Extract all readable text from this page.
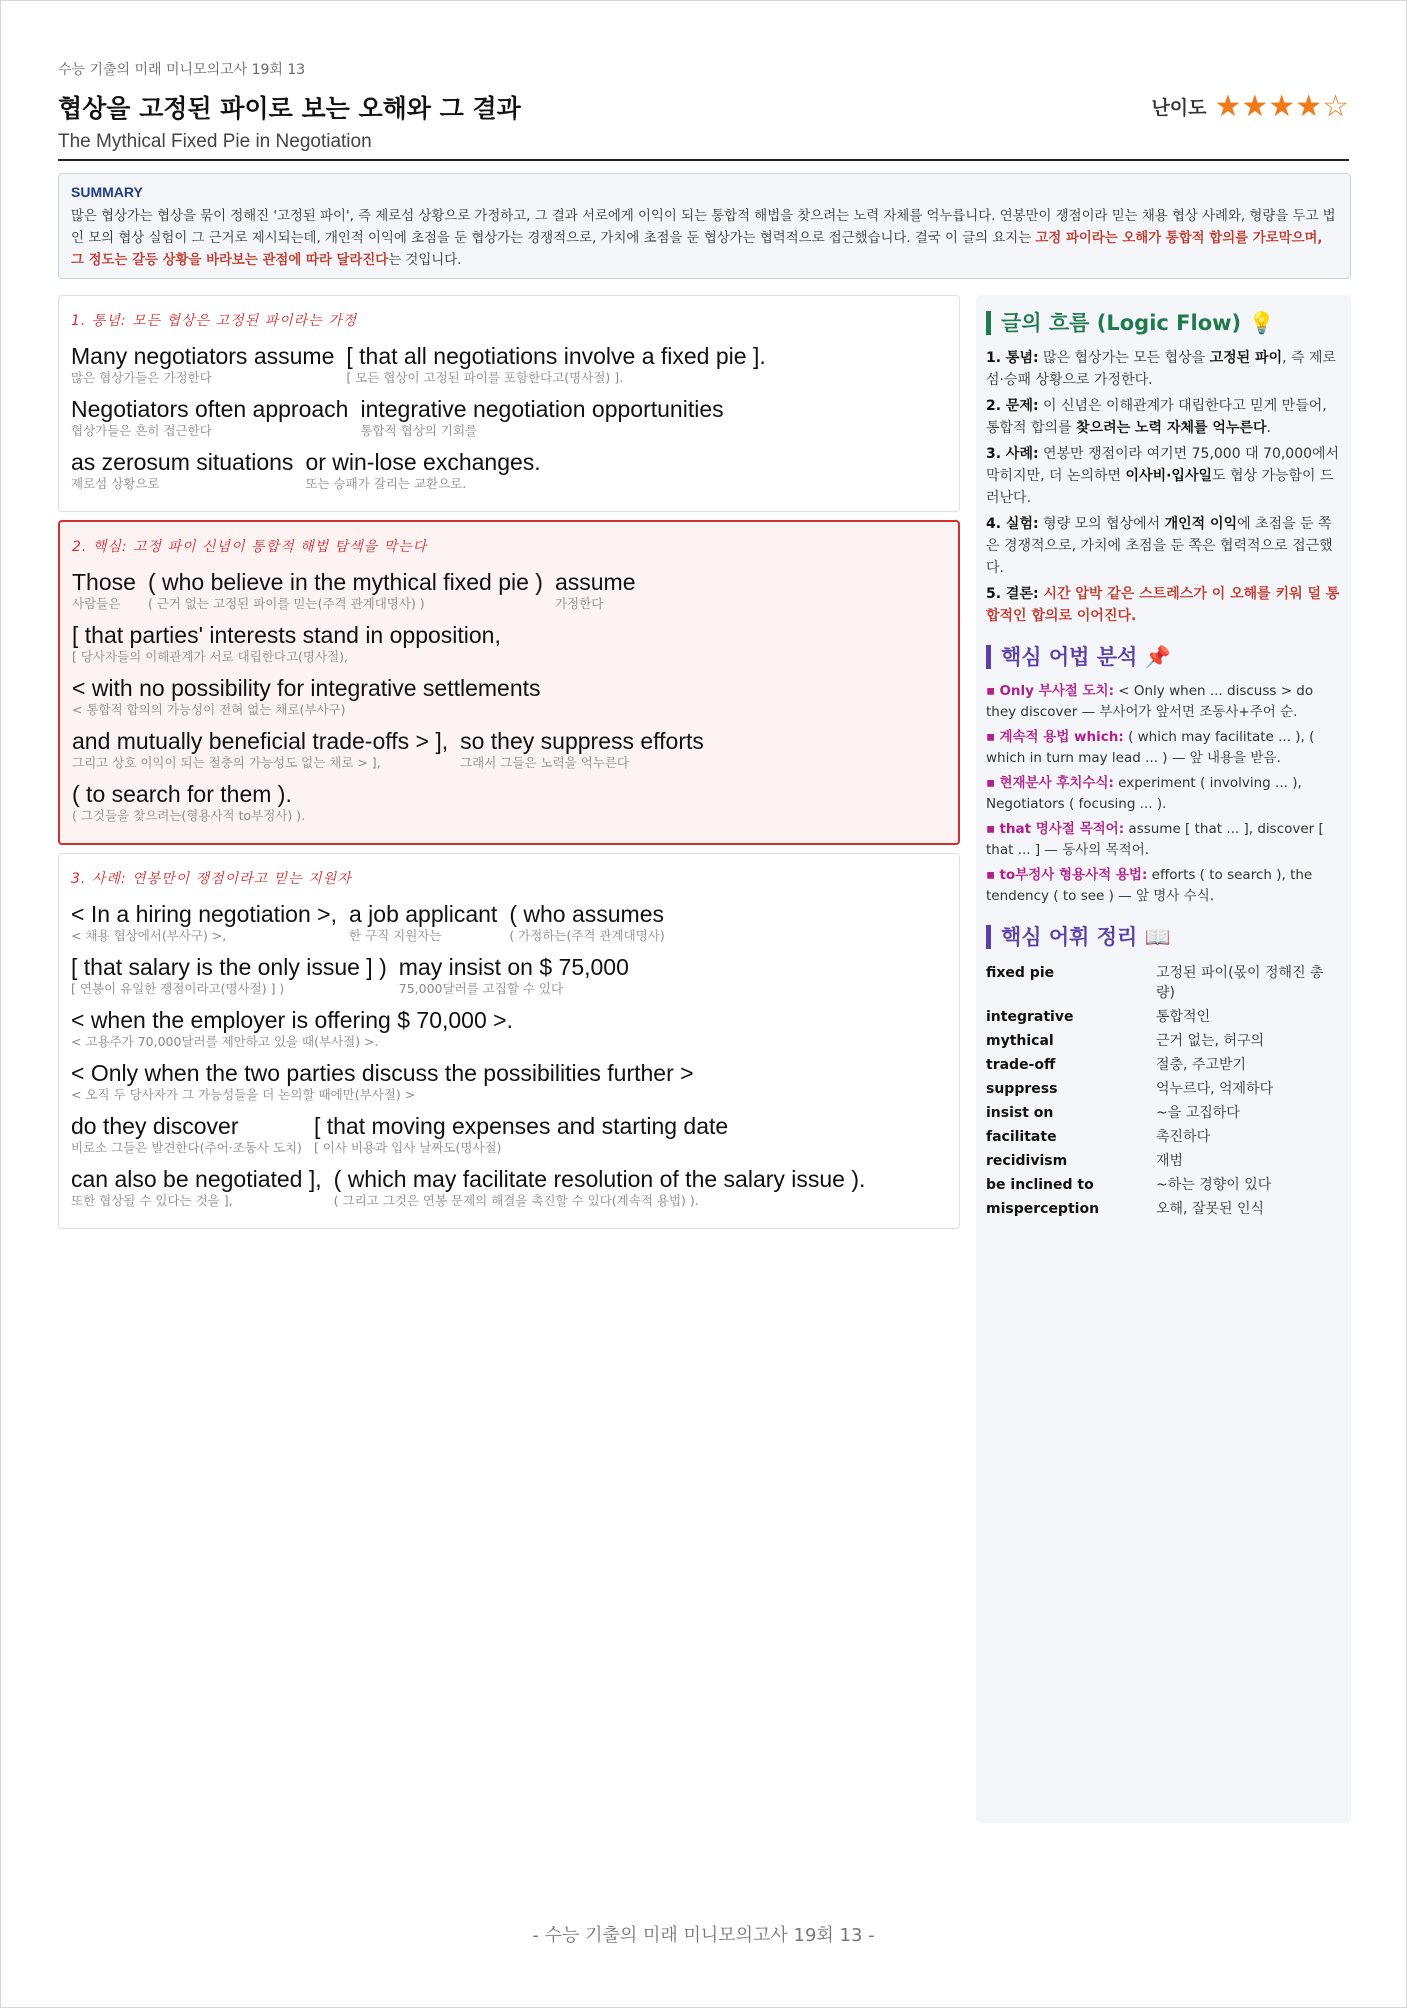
수능 기출의 미래 미니모의고사 19회 13
협상을 고정된 파이로 보는 오해와 그 결과
The Mythical Fixed Pie in Negotiation
난이도 ★★★★☆
SUMMARY
많은 협상가는 협상을 묶이 정해진 '고정된 파이', 즉 제로섬 상황으로 가정하고, 그 결과 서로에게 이익이 되는 통합적 해법을 찾으려는 노력 자체를 억누릅니다. 연봉만이 쟁점이라 믿는 채용 협상 사례와, 형량을 두고 법인 모의 협상 실험이 그 근거로 제시되는데, 개인적 이익에 초점을 둔 협상가는 경쟁적으로, 가치에 초점을 둔 협상가는 협력적으로 접근했습니다. 결국 이 글의 요지는 고정 파이라는 오해가 통합적 합의를 가로막으며, 그 정도는 갈등 상황을 바라보는 관점에 따라 달라진다는 것입니다.
1. 통념: 모든 협상은 고정된 파이라는 가정
Many negotiators assume
많은 협상가들은 가정한다
[ that all negotiations involve a fixed pie ].
[ 모든 협상이 고정된 파이를 포함한다고(명사절) ].
Negotiators often approach
협상가들은 흔히 접근한다
integrative negotiation opportunities
통합적 협상의 기회를
as zerosum situations
제로섬 상황으로
or win-lose exchanges.
또는 승패가 갈리는 교환으로.
2. 핵심: 고정 파이 신념이 통합적 해법 탐색을 막는다
Those
사람들은
( who believe in the mythical fixed pie )
( 근거 없는 고정된 파이를 믿는(주격 관계대명사) )
assume
가정한다
[ that parties' interests stand in opposition,
[ 당사자들의 이해관계가 서로 대립한다고(명사절),
< with no possibility for integrative settlements
< 통합적 합의의 가능성이 전혀 없는 채로(부사구)
and mutually beneficial trade-offs > ],
그리고 상호 이익이 되는 절충의 가능성도 없는 채로 > ],
so they suppress efforts
그래서 그들은 노력을 억누른다
( to search for them ).
( 그것들을 찾으려는(형용사적 to부정사) ).
3. 사례: 연봉만이 쟁점이라고 믿는 지원자
< In a hiring negotiation >,
< 채용 협상에서(부사구) >,
a job applicant
한 구직 지원자는
( who assumes
( 가정하는(주격 관계대명사)
[ that salary is the only issue ] )
[ 연봉이 유일한 쟁점이라고(명사절) ] )
may insist on $ 75,000
75,000달러를 고집할 수 있다
< when the employer is offering $ 70,000 >.
< 고용주가 70,000달러를 제안하고 있을 때(부사절) >.
< Only when the two parties discuss the possibilities further >
< 오직 두 당사자가 그 가능성들을 더 논의할 때에만(부사절) >
do they discover
비로소 그들은 발견한다(주어·조동사 도치)
[ that moving expenses and starting date
[ 이사 비용과 입사 날짜도(명사절)
can also be negotiated ],
또한 협상될 수 있다는 것을 ],
( which may facilitate resolution of the salary issue ).
( 그리고 그것은 연봉 문제의 해결을 촉진할 수 있다(계속적 용법) ).
글의 흐름 (Logic Flow) 💡
1. 통념: 많은 협상가는 모든 협상을 고정된 파이, 즉 제로섬·승패 상황으로 가정한다.
2. 문제: 이 신념은 이해관계가 대립한다고 믿게 만들어, 통합적 합의를 찾으려는 노력 자체를 억누른다.
3. 사례: 연봉만 쟁점이라 여기면 75,000 대 70,000에서 막히지만, 더 논의하면 이사비·입사일도 협상 가능함이 드러난다.
4. 실험: 형량 모의 협상에서 개인적 이익에 초점을 둔 쪽은 경쟁적으로, 가치에 초점을 둔 쪽은 협력적으로 접근했다.
5. 결론: 시간 압박 같은 스트레스가 이 오해를 키워 덜 통합적인 합의로 이어진다.
핵심 어법 분석 📌
▪ Only 부사절 도치: < Only when ... discuss > do they discover — 부사어가 앞서면 조동사+주어 순.
▪ 계속적 용법 which: ( which may facilitate ... ), ( which in turn may lead ... ) — 앞 내용을 받음.
▪ 현재분사 후치수식: experiment ( involving ... ), Negotiators ( focusing ... ).
▪ that 명사절 목적어: assume [ that ... ], discover [ that ... ] — 동사의 목적어.
▪ to부정사 형용사적 용법: efforts ( to search ), the tendency ( to see ) — 앞 명사 수식.
핵심 어휘 정리 📖
fixed pie	고정된 파이(몫이 정해진 총량)
integrative	통합적인
mythical	근거 없는, 허구의
trade-off	절충, 주고받기
suppress	억누르다, 억제하다
insist on	~을 고집하다
facilitate	촉진하다
recidivism	재범
be inclined to	~하는 경향이 있다
misperception	오해, 잘못된 인식
- 수능 기출의 미래 미니모의고사 19회 13 -
